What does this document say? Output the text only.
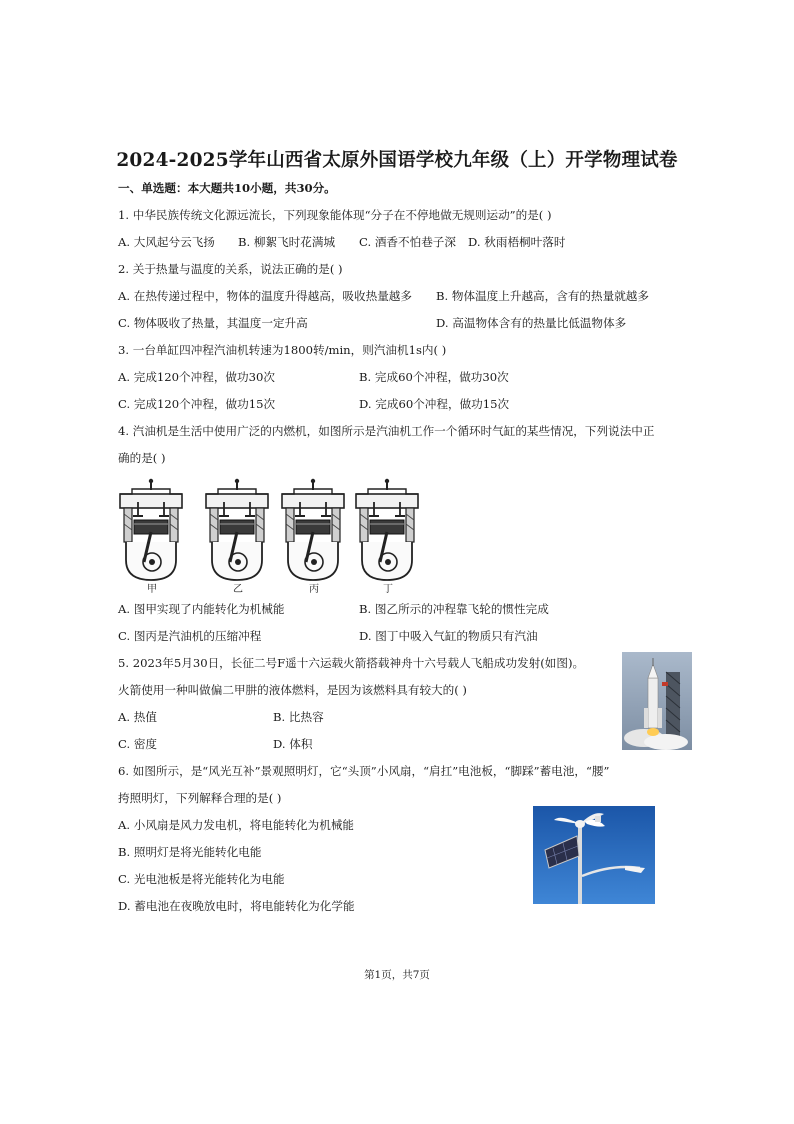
2024-2025学年山西省太原外国语学校九年级（上）开学物理试卷
一、单选题：本大题共10小题，共30分。
1. 中华民族传统文化源远流长，下列现象能体现“分子在不停地做无规则运动”的是( )
A. 大风起兮云飞扬 B. 柳絮飞时花满城 C. 酒香不怕巷子深 D. 秋雨梧桐叶落时
2. 关于热量与温度的关系，说法正确的是( )
A. 在热传递过程中，物体的温度升得越高，吸收热量越多 B. 物体温度上升越高，含有的热量就越多
C. 物体吸收了热量，其温度一定升高	D. 高温物体含有的热量比低温物体多
3. 一台单缸四冲程汽油机转速为1800转/min，则汽油机1s内( )
A. 完成120个冲程，做功30次	B. 完成60个冲程，做功30次
C. 完成120个冲程，做功15次	D. 完成60个冲程，做功15次
4. 汽油机是生活中使用广泛的内燃机，如图所示是汽油机工作一个循环时气缸的某些情况，下列说法中正
确的是( )
甲	乙	丙	丁
A. 图甲实现了内能转化为机械能	B. 图乙所示的冲程靠飞轮的惯性完成
C. 图丙是汽油机的压缩冲程	D. 图丁中吸入气缸的物质只有汽油
5. 2023年5月30日，长征二号F遥十六运载火箭搭载神舟十六号载人飞船成功发射(如图)。
火箭使用一种叫做偏二甲肼的液体燃料，是因为该燃料具有较大的( )
A. 热值	B. 比热容
C. 密度	D. 体积
6. 如图所示，是“风光互补”景观照明灯，它“头顶”小风扇，“肩扛”电池板，“脚踩”蓄电池，“腰”
挎照明灯，下列解释合理的是( )
A. 小风扇是风力发电机，将电能转化为机械能
B. 照明灯是将光能转化电能
C. 光电池板是将光能转化为电能
D. 蓄电池在夜晚放电时，将电能转化为化学能
第1页，共7页
